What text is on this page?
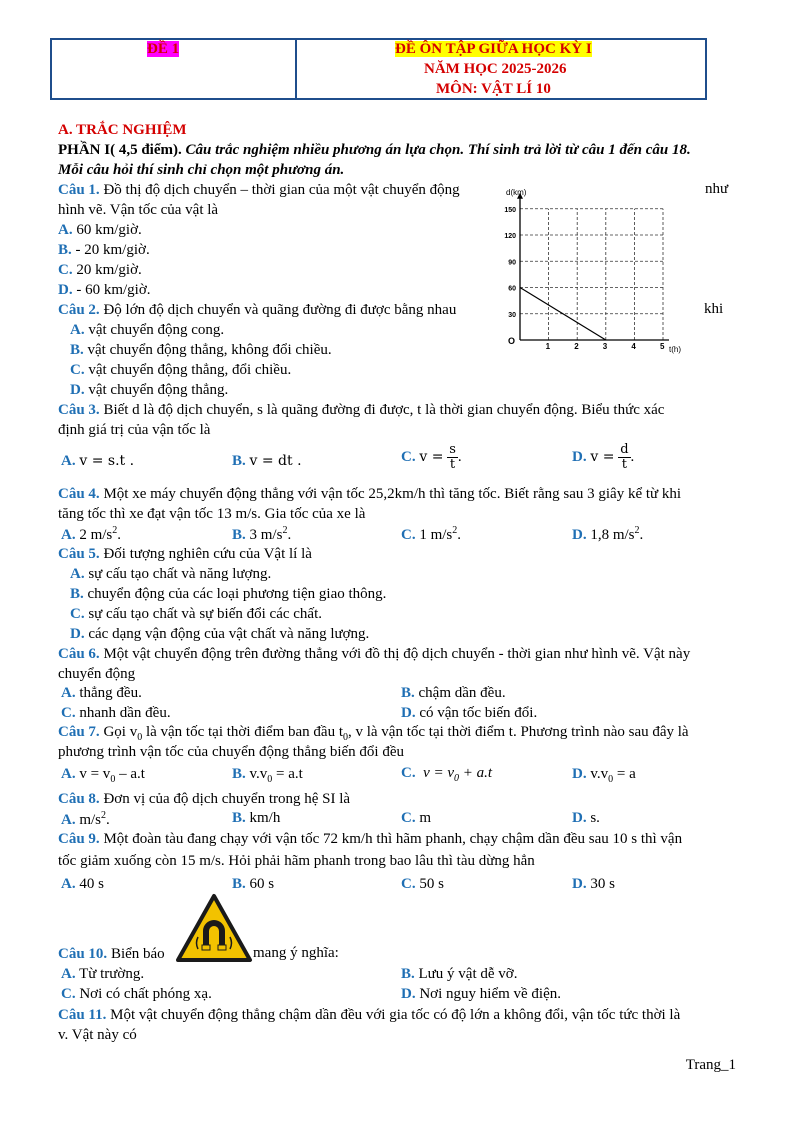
ĐỀ 1	ĐỀ ÔN TẬP GIỮA HỌC KỲ I
NĂM HỌC 2025-2026
MÔN: VẬT LÍ 10
A. TRẮC NGHIỆM
PHẦN I( 4,5 điểm). Câu trắc nghiệm nhiều phương án lựa chọn. Thí sinh trả lời từ câu 1 đến câu 18.
Mỗi câu hỏi thí sinh chỉ chọn một phương án.
Câu 1. Đồ thị độ dịch chuyển – thời gian của một vật chuyển động	như
hình vẽ. Vận tốc của vật là
A. 60 km/giờ.
B. - 20 km/giờ.
C. 20 km/giờ.
D. - 60 km/giờ.
d(km)
t(h)
O
1	2	3	4	5
30
60
90
120
150
Câu 2. Độ lớn độ dịch chuyển và quãng đường đi được bằng nhau	khi
A. vật chuyển động cong.
B. vật chuyển động thẳng, không đổi chiều.
C. vật chuyển động thẳng, đổi chiều.
D. vật chuyển động thẳng.
Câu 3. Biết d là độ dịch chuyển, s là quãng đường đi được, t là thời gian chuyển động. Biểu thức xác
định giá trị của vận tốc là
A. v = s.t .	B. v = dt .	C. $v = \frac{s}{t}$ .	D. $v = \frac{d}{t}$ .
Câu 4. Một xe máy chuyển động thẳng với vận tốc 25,2km/h thì tăng tốc. Biết rằng sau 3 giây kể từ khi
tăng tốc thì xe đạt vận tốc 13 m/s. Gia tốc của xe là
A. 2 $m/s^2$.	B. 3 $m/s^2$.	C. 1 $m/s^2$.	D. 1,8 $m/s^2$.
Câu 5. Đối tượng nghiên cứu của Vật lí là
A. sự cấu tạo chất và năng lượng.
B. chuyển động của các loại phương tiện giao thông.
C. sự cấu tạo chất và sự biến đổi các chất.
D. các dạng vận động của vật chất và năng lượng.
Câu 6. Một vật chuyển động trên đường thẳng với đồ thị độ dịch chuyển - thời gian như hình vẽ. Vật này
chuyển động
A. thẳng đều.	B. chậm dần đều.
C. nhanh dần đều.	D. có vận tốc biến đổi.
Câu 7. Gọi $v_0$ là vận tốc tại thời điểm ban đầu $t_0$, v là vận tốc tại thời điểm t. Phương trình nào sau đây là
phương trình vận tốc của chuyển động thẳng biến đổi đều
A. $v = v_0 - a.t$	B. $v.v_0 = a.t$	C. $v = v_0 + a.t$	D. $v.v_0 = a$
Câu 8. Đơn vị của độ dịch chuyển trong hệ SI là
A. $m/s^2$.	B. km/h	C. m	D. s.
Câu 9. Một đoàn tàu đang chạy với vận tốc 72 km/h thì hãm phanh, chạy chậm dần đều sau 10 s thì vận
tốc giảm xuống còn 15 m/s. Hỏi phải hãm phanh trong bao lâu thì tàu dừng hẳn
A. 40 s	B. 60 s	C. 50 s	D. 30 s
Câu 10. Biển báo	mang ý nghĩa:
A. Từ trường.	B. Lưu ý vật dễ vỡ.
C. Nơi có chất phóng xạ.	D. Nơi nguy hiểm về điện.
Câu 11. Một vật chuyển động thẳng chậm dần đều với gia tốc có độ lớn a không đổi, vận tốc tức thời là
v. Vật này có
Trang_1
